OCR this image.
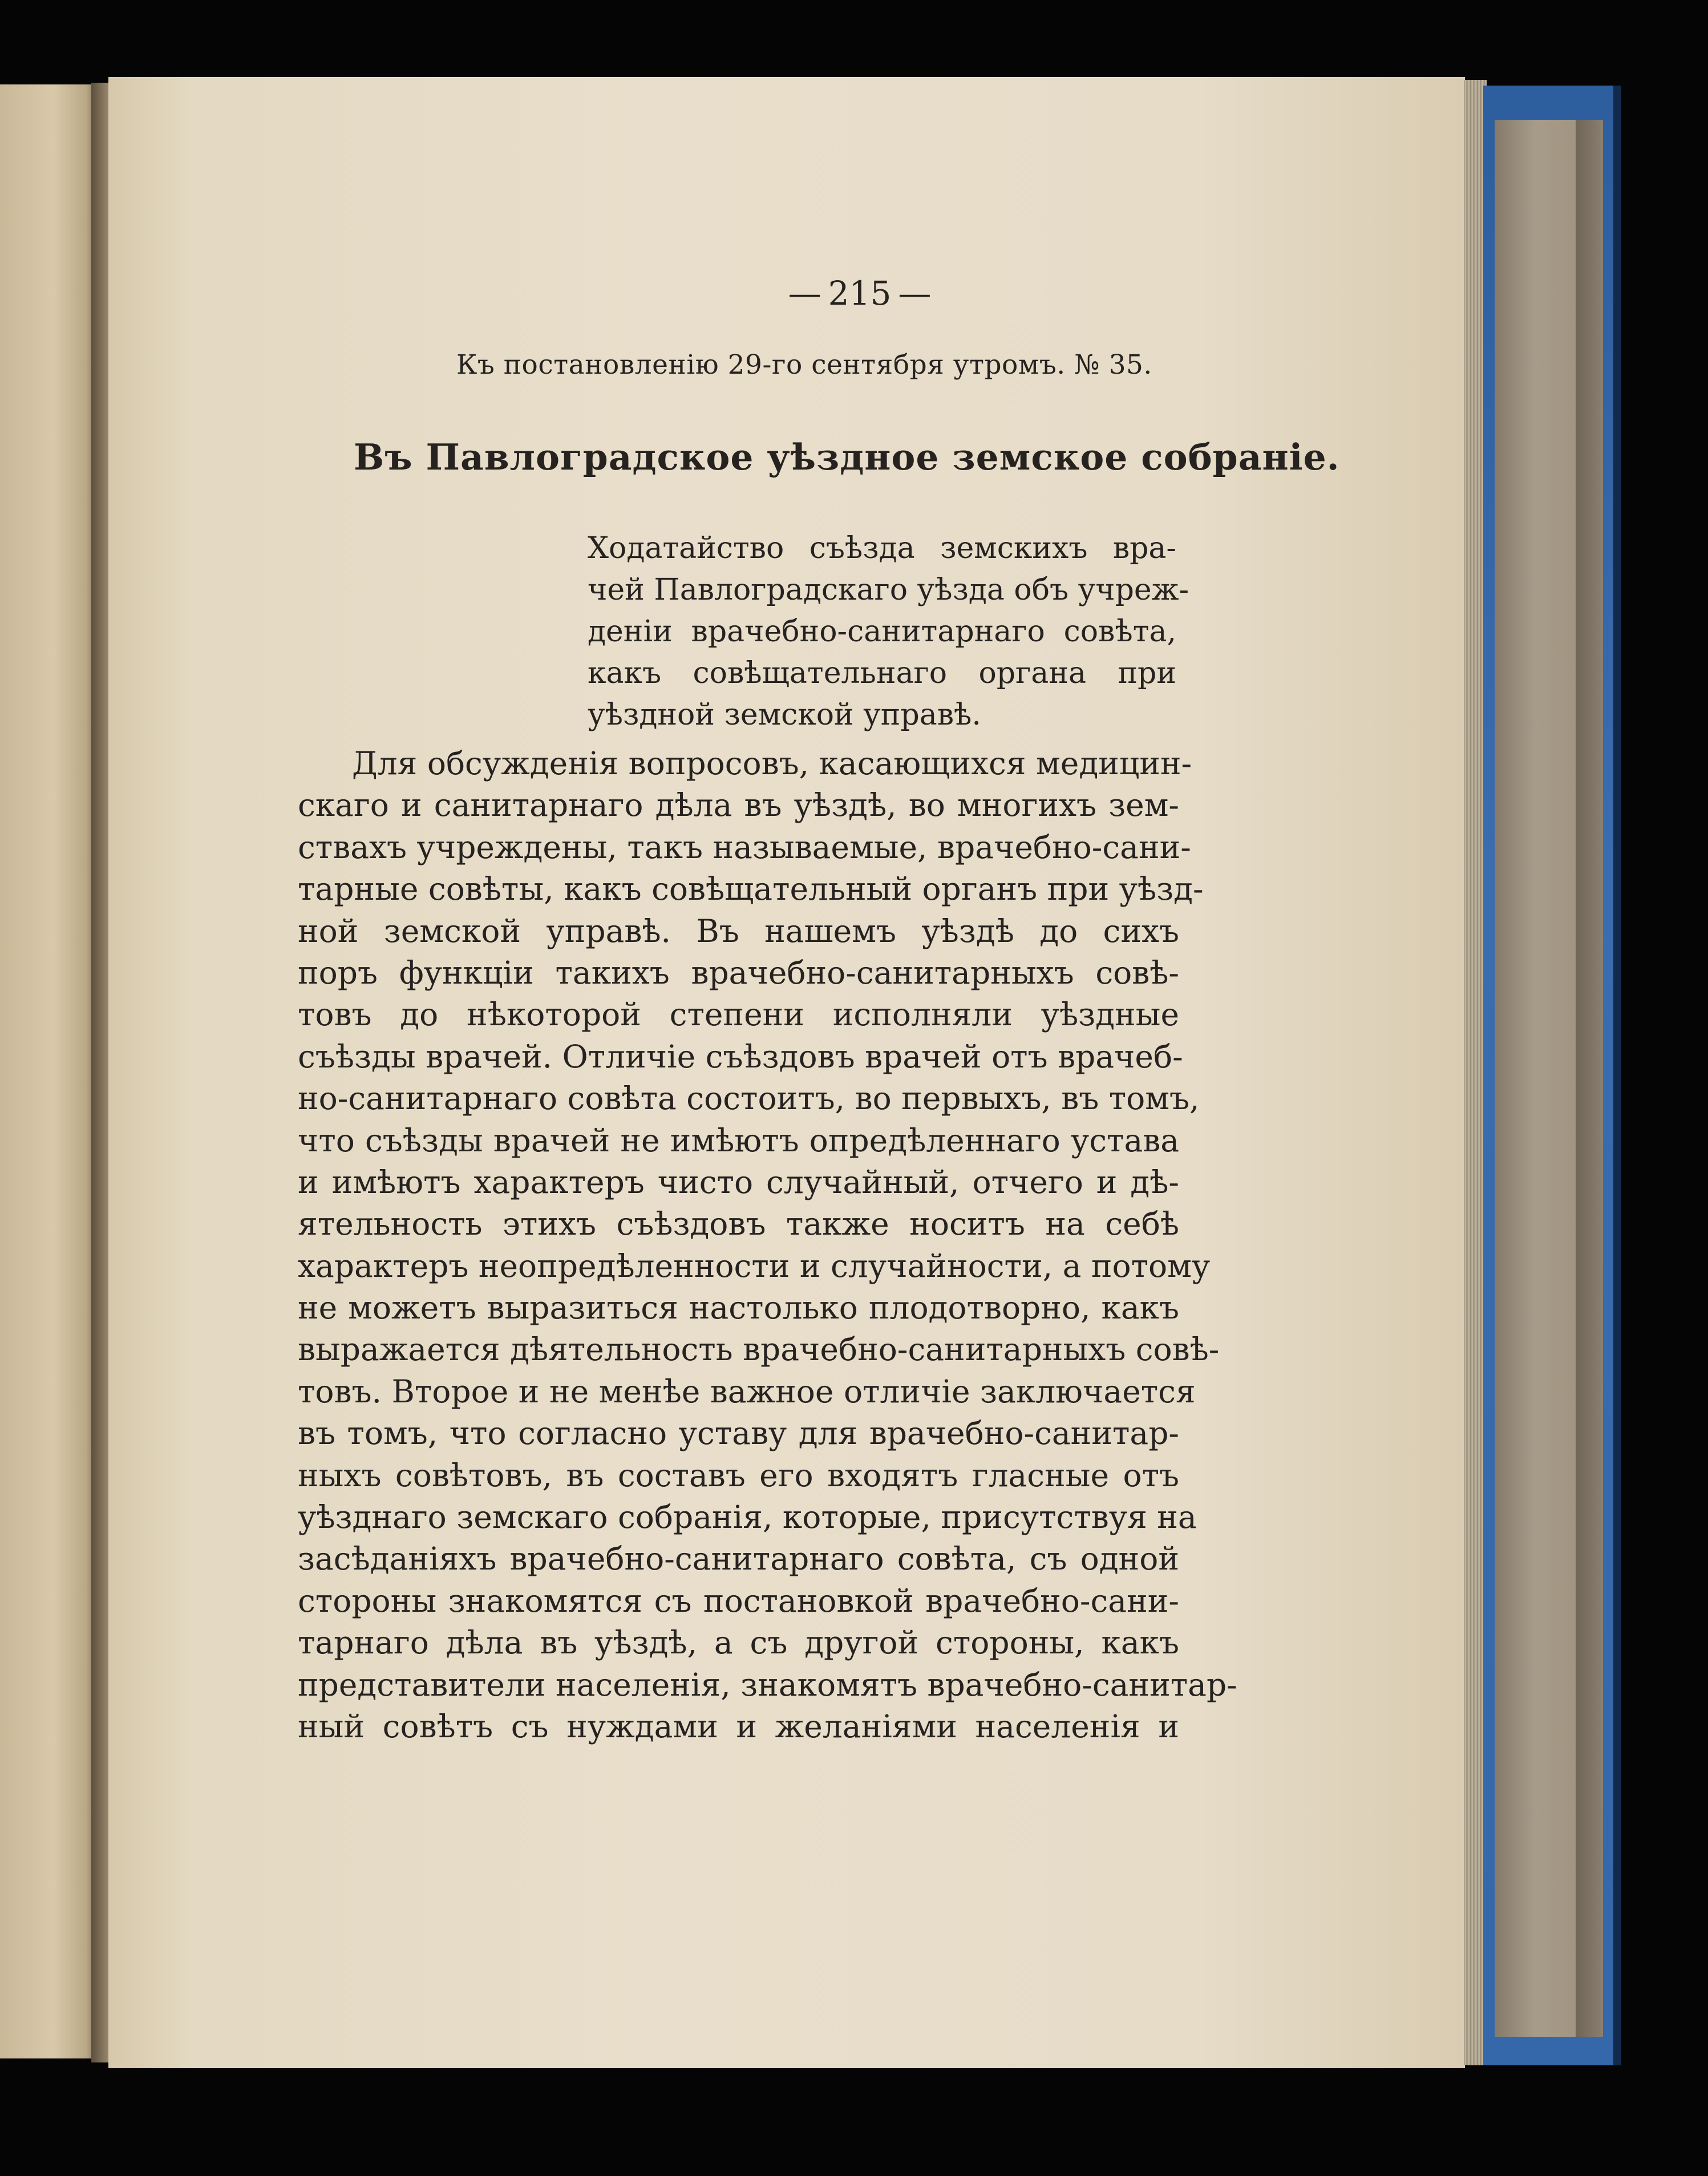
— 215 —
Къ постановленію 29-го сентября утромъ. № 35.
Въ Павлоградское уѣздное земское собраніе.
Ходатайство съѣзда земскихъ вра-
чей Павлоградскаго уѣзда объ учреж-
деніи врачебно-санитарнаго совѣта,
какъ совѣщательнаго органа при
уѣздной земской управѣ.
Для обсужденія вопросовъ, касающихся медицин-
скаго и санитарнаго дѣла въ уѣздѣ, во многихъ зем-
ствахъ учреждены, такъ называемые, врачебно-сани-
тарные совѣты, какъ совѣщательный органъ при уѣзд-
ной земской управѣ. Въ нашемъ уѣздѣ до сихъ
поръ функціи такихъ врачебно-санитарныхъ совѣ-
товъ до нѣкоторой степени исполняли уѣздные
съѣзды врачей. Отличіе съѣздовъ врачей отъ врачеб-
но-санитарнаго совѣта состоитъ, во первыхъ, въ томъ,
что съѣзды врачей не имѣютъ опредѣленнаго устава
и имѣютъ характеръ чисто случайный, отчего и дѣ-
ятельность этихъ съѣздовъ также носитъ на себѣ
характеръ неопредѣленности и случайности, а потому
не можетъ выразиться настолько плодотворно, какъ
выражается дѣятельность врачебно-санитарныхъ совѣ-
товъ. Второе и не менѣе важное отличіе заключается
въ томъ, что согласно уставу для врачебно-санитар-
ныхъ совѣтовъ, въ составъ его входятъ гласные отъ
уѣзднаго земскаго собранія, которые, присутствуя на
засѣданіяхъ врачебно-санитарнаго совѣта, съ одной
стороны знакомятся съ постановкой врачебно-сани-
тарнаго дѣла въ уѣздѣ, а съ другой стороны, какъ
представители населенія, знакомятъ врачебно-санитар-
ный совѣтъ съ нуждами и желаніями населенія и
